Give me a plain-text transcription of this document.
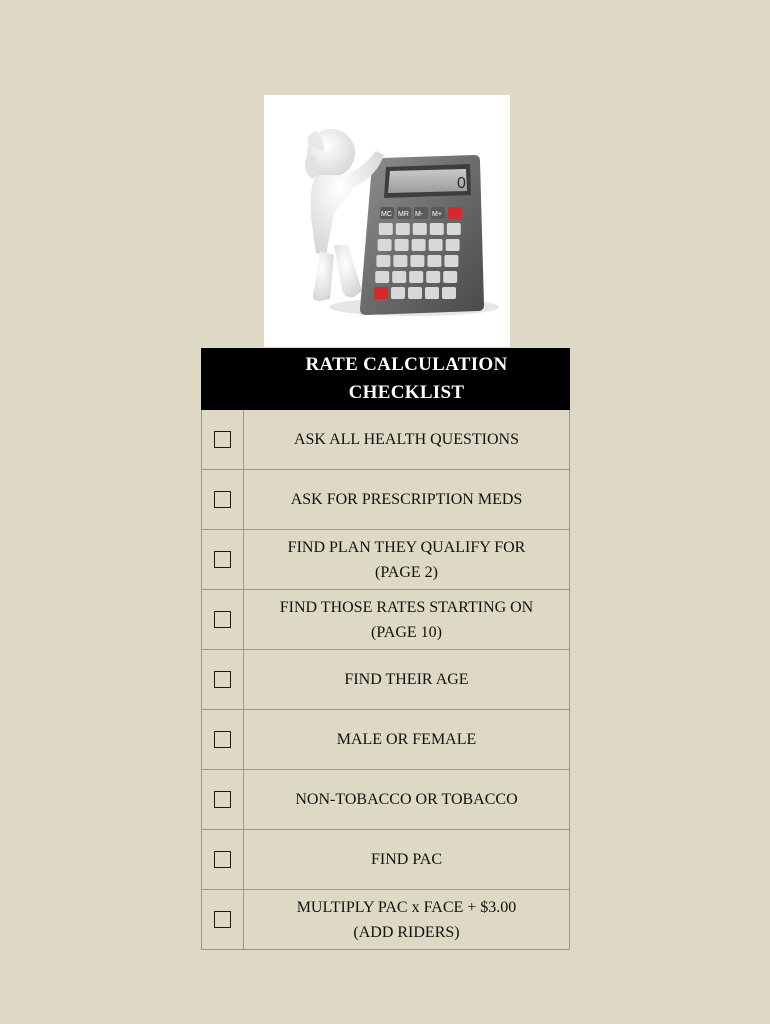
0
MC MR M- M+
RATE CALCULATION
CHECKLIST
ASK ALL HEALTH QUESTIONS
ASK FOR PRESCRIPTION MEDS
FIND PLAN THEY QUALIFY FOR
(PAGE 2)
FIND THOSE RATES STARTING ON
(PAGE 10)
FIND THEIR AGE
MALE OR FEMALE
NON-TOBACCO OR TOBACCO
FIND PAC
MULTIPLY PAC x FACE + $3.00
(ADD RIDERS)
